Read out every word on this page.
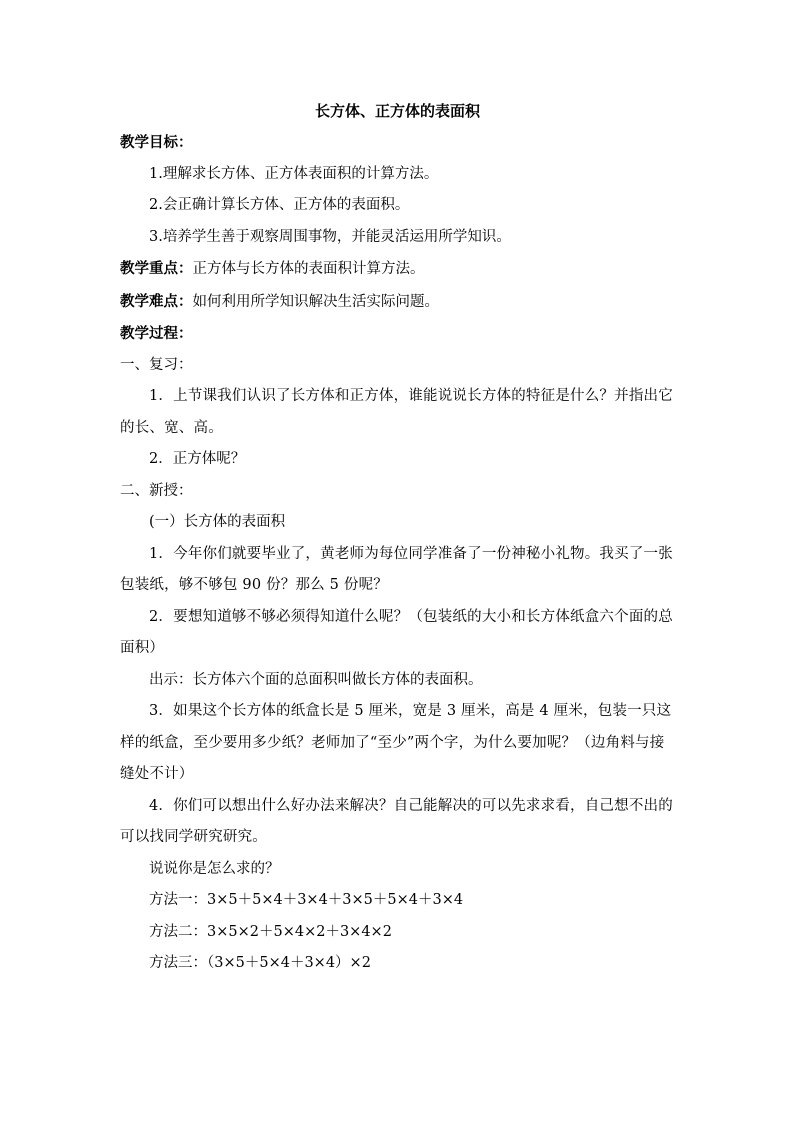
长方体、正方体的表面积

教学目标：

1.理解求长方体、正方体表面积的计算方法。

2.会正确计算长方体、正方体的表面积。

3.培养学生善于观察周围事物，并能灵活运用所学知识。

教学重点：正方体与长方体的表面积计算方法。

教学难点：如何利用所学知识解决生活实际问题。

教学过程：

一、复习：

1．上节课我们认识了长方体和正方体，谁能说说长方体的特征是什么？并指出它的长、宽、高。

2．正方体呢？

二、新授：

(一）长方体的表面积

1．今年你们就要毕业了，黄老师为每位同学准备了一份神秘小礼物。我买了一张包装纸，够不够包 90 份？那么 5 份呢？

2．要想知道够不够必须得知道什么呢？（包装纸的大小和长方体纸盒六个面的总面积）

出示：长方体六个面的总面积叫做长方体的表面积。

3．如果这个长方体的纸盒长是 5 厘米，宽是 3 厘米，高是 4 厘米，包装一只这样的纸盒，至少要用多少纸？老师加了“至少”两个字，为什么要加呢？（边角料与接缝处不计）

4．你们可以想出什么好办法来解决？自己能解决的可以先求求看，自己想不出的可以找同学研究研究。

说说你是怎么求的？

方法一：3×5＋5×4＋3×4＋3×5＋5×4＋3×4

方法二：3×5×2＋5×4×2＋3×4×2

方法三：（3×5＋5×4＋3×4）×2
